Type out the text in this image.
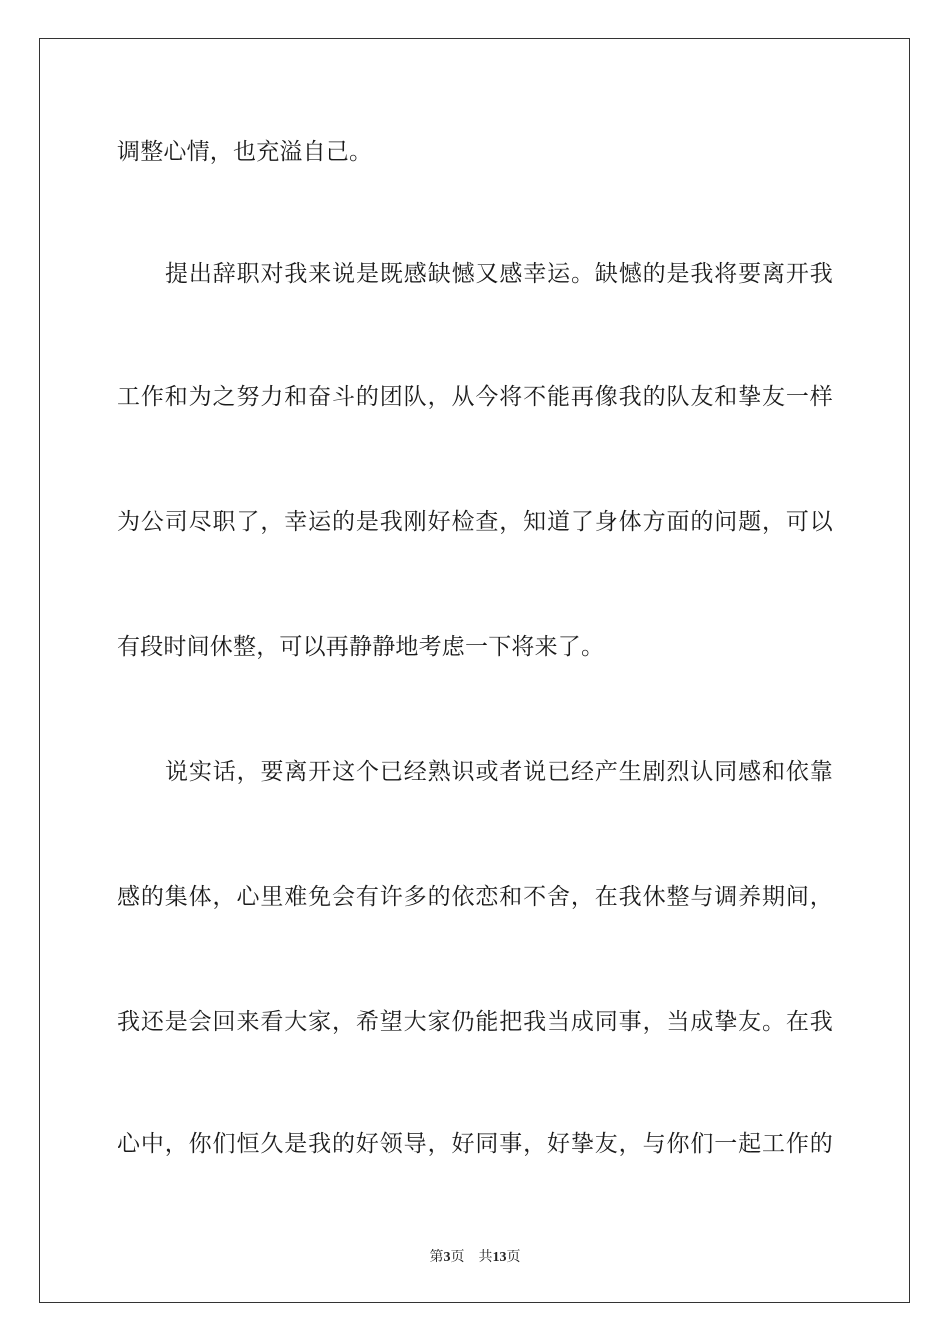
调整心情，也充溢自己。
提出辞职对我来说是既感缺憾又感幸运。缺憾的是我将要离开我
工作和为之努力和奋斗的团队，从今将不能再像我的队友和挚友一样
为公司尽职了，幸运的是我刚好检查，知道了身体方面的问题，可以
有段时间休整，可以再静静地考虑一下将来了。
说实话，要离开这个已经熟识或者说已经产生剧烈认同感和依靠
感的集体，心里难免会有许多的依恋和不舍，在我休整与调养期间，
我还是会回来看大家，希望大家仍能把我当成同事，当成挚友。在我
心中，你们恒久是我的好领导，好同事，好挚友，与你们一起工作的
第3页　共13页
